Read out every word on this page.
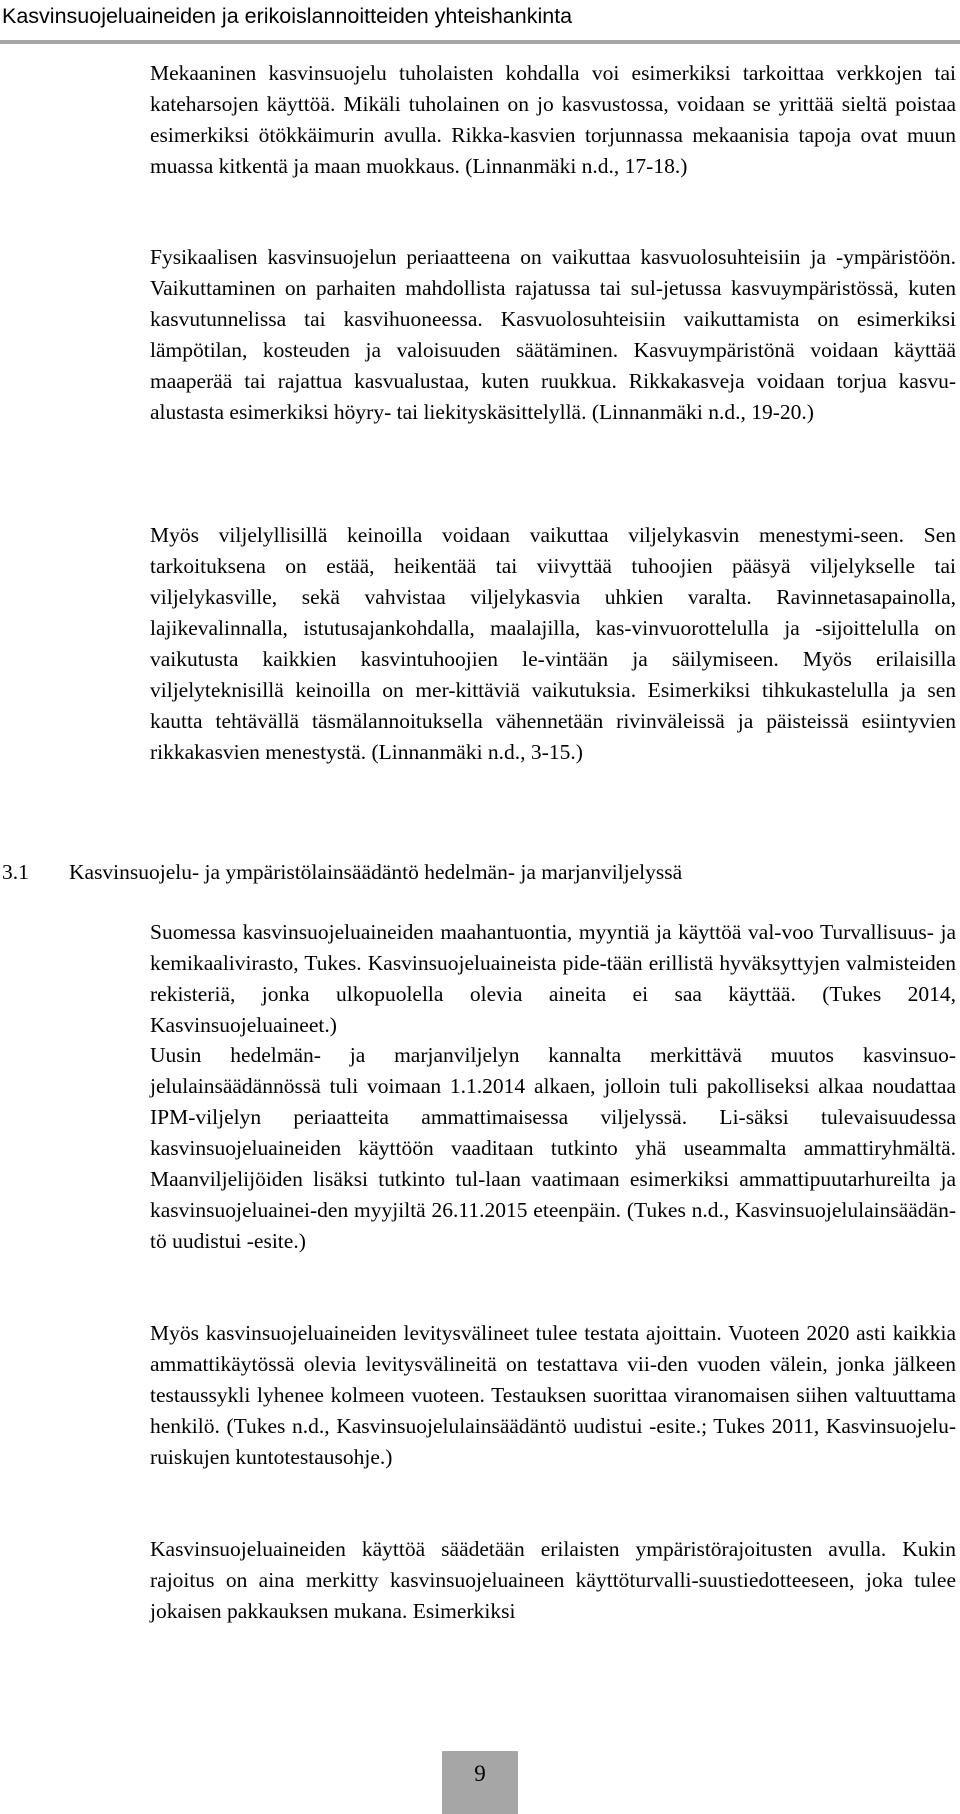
Kasvinsuojeluaineiden ja erikoislannoitteiden yhteishankinta

Mekaaninen kasvinsuojelu tuholaisten kohdalla voi esimerkiksi tarkoittaa verkkojen tai kateharsojen käyttöä. Mikäli tuholainen on jo kasvustossa, voidaan se yrittää sieltä poistaa esimerkiksi ötökkäimurin avulla. Rikka-kasvien torjunnassa mekaanisia tapoja ovat muun muassa kitkentä ja maan muokkaus. (Linnanmäki n.d., 17-18.)

Fysikaalisen kasvinsuojelun periaatteena on vaikuttaa kasvuolosuhteisiin ja -ympäristöön. Vaikuttaminen on parhaiten mahdollista rajatussa tai sul-jetussa kasvuympäristössä, kuten kasvutunnelissa tai kasvihuoneessa. Kasvuolosuhteisiin vaikuttamista on esimerkiksi lämpötilan, kosteuden ja valoisuuden säätäminen. Kasvuympäristönä voidaan käyttää maaperää tai rajattua kasvualustaa, kuten ruukkua. Rikkakasveja voidaan torjua kasvu-alustasta esimerkiksi höyry- tai liekityskäsittelyllä. (Linnanmäki n.d., 19-20.)

Myös viljelyllisillä keinoilla voidaan vaikuttaa viljelykasvin menestymi-seen. Sen tarkoituksena on estää, heikentää tai viivyttää tuhoojien pääsyä viljelykselle tai viljelykasville, sekä vahvistaa viljelykasvia uhkien varalta. Ravinnetasapainolla, lajikevalinnalla, istutusajankohdalla, maalajilla, kas-vinvuorottelulla ja -sijoittelulla on vaikutusta kaikkien kasvintuhoojien le-vintään ja säilymiseen. Myös erilaisilla viljelyteknisillä keinoilla on mer-kittäviä vaikutuksia. Esimerkiksi tihkukastelulla ja sen kautta tehtävällä täsmälannoituksella vähennetään rivinväleissä ja päisteissä esiintyvien rikkakasvien menestystä. (Linnanmäki n.d., 3-15.)

3.1 Kasvinsuojelu- ja ympäristölainsäädäntö hedelmän- ja marjanviljelyssä

Suomessa kasvinsuojeluaineiden maahantuontia, myyntiä ja käyttöä val-voo Turvallisuus- ja kemikaalivirasto, Tukes. Kasvinsuojeluaineista pide-tään erillistä hyväksyttyjen valmisteiden rekisteriä, jonka ulkopuolella olevia aineita ei saa käyttää. (Tukes 2014, Kasvinsuojeluaineet.)

Uusin hedelmän- ja marjanviljelyn kannalta merkittävä muutos kasvinsuo-jelulainsäädännössä tuli voimaan 1.1.2014 alkaen, jolloin tuli pakolliseksi alkaa noudattaa IPM-viljelyn periaatteita ammattimaisessa viljelyssä. Li-säksi tulevaisuudessa kasvinsuojeluaineiden käyttöön vaaditaan tutkinto yhä useammalta ammattiryhmältä. Maanviljelijöiden lisäksi tutkinto tul-laan vaatimaan esimerkiksi ammattipuutarhureilta ja kasvinsuojeluainei-den myyjiltä 26.11.2015 eteenpäin. (Tukes n.d., Kasvinsuojelulainsäädän-tö uudistui -esite.)

Myös kasvinsuojeluaineiden levitysvälineet tulee testata ajoittain. Vuoteen 2020 asti kaikkia ammattikäytössä olevia levitysvälineitä on testattava vii-den vuoden välein, jonka jälkeen testaussykli lyhenee kolmeen vuoteen. Testauksen suorittaa viranomaisen siihen valtuuttama henkilö. (Tukes n.d., Kasvinsuojelulainsäädäntö uudistui -esite.; Tukes 2011, Kasvinsuojelu-ruiskujen kuntotestausohje.)

Kasvinsuojeluaineiden käyttöä säädetään erilaisten ympäristörajoitusten avulla. Kukin rajoitus on aina merkitty kasvinsuojeluaineen käyttöturvalli-suustiedotteeseen, joka tulee jokaisen pakkauksen mukana. Esimerkiksi

9
